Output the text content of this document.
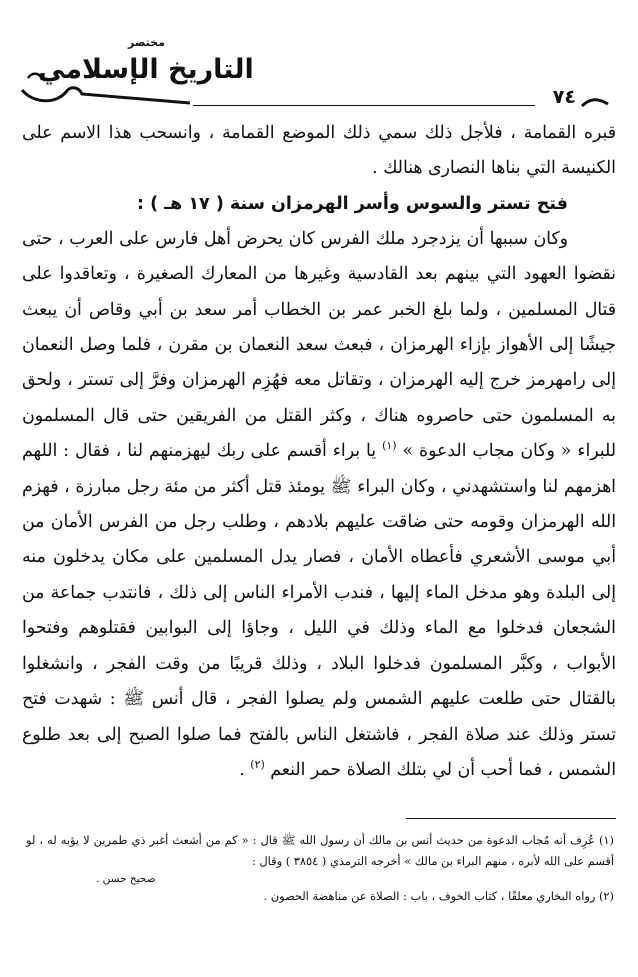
مختصر
التاريخ الإسلامي
٧٤

قبره القمامة ، فلأجل ذلك سمي ذلك الموضع القمامة ، وانسحب هذا الاسم على الكنيسة التي بناها النصارى هنالك .

فتح تستر والسوس وأسر الهرمزان سنة ( ١٧ هـ ) :

وكان سببها أن يزدجرد ملك الفرس كان يحرض أهل فارس على العرب ، حتى نقضوا العهود التي بينهم بعد القادسية وغيرها من المعارك الصغيرة ، وتعاقدوا على قتال المسلمين ، ولما بلغ الخبر عمر بن الخطاب أمر سعد بن أبي وقاص أن يبعث جيشًا إلى الأهواز بإزاء الهرمزان ، فبعث سعد النعمان بن مقرن ، فلما وصل النعمان إلى رامهرمز خرج إليه الهرمزان ، وتقاتل معه فهُزِم الهرمزان وفرَّ إلى تستر ، ولحق به المسلمون حتى حاصروه هناك ، وكثر القتل من الفريقين حتى قال المسلمون للبراء « وكان مجاب الدعوة » $^{(١)}$ يا براء أقسم على ربك ليهزمنهم لنا ، فقال : اللهم اهزمهم لنا واستشهدني ، وكان البراء ﷺ يومئذ قتل أكثر من مئة رجل مبارزة ، فهزم الله الهرمزان وقومه حتى ضاقت عليهم بلادهم ، وطلب رجل من الفرس الأمان من أبي موسى الأشعري فأعطاه الأمان ، فصار يدل المسلمين على مكان يدخلون منه إلى البلدة وهو مدخل الماء إليها ، فندب الأمراء الناس إلى ذلك ، فانتدب جماعة من الشجعان فدخلوا مع الماء وذلك في الليل ، وجاؤا إلى البوابين فقتلوهم وفتحوا الأبواب ، وكبَّر المسلمون فدخلوا البلاد ، وذلك قريبًا من وقت الفجر ، وانشغلوا بالقتال حتى طلعت عليهم الشمس ولم يصلوا الفجر ، قال أنس ﷺ : شهدت فتح تستر وذلك عند صلاة الفجر ، فاشتغل الناس بالفتح فما صلوا الصبح إلى بعد طلوع الشمس ، فما أحب أن لي بتلك الصلاة حمر النعم $^{(٢)}$ .

(١) عُرِف أنه مُجاب الدعوة من حديث أنس بن مالك أن رسول الله ﷺ قال : « كم من أشعث أغبر ذي طمرين لا يؤبه له ، لو أقسم على الله لأبره ، منهم البراء بن مالك » أخرجه الترمذي ( ٣٨٥٤ ) وقال :

صحيح حسن .

(٢) رواه البخاري معلقًا ، كتاب الخوف ، باب : الصلاة عن مناهضة الحصون .
